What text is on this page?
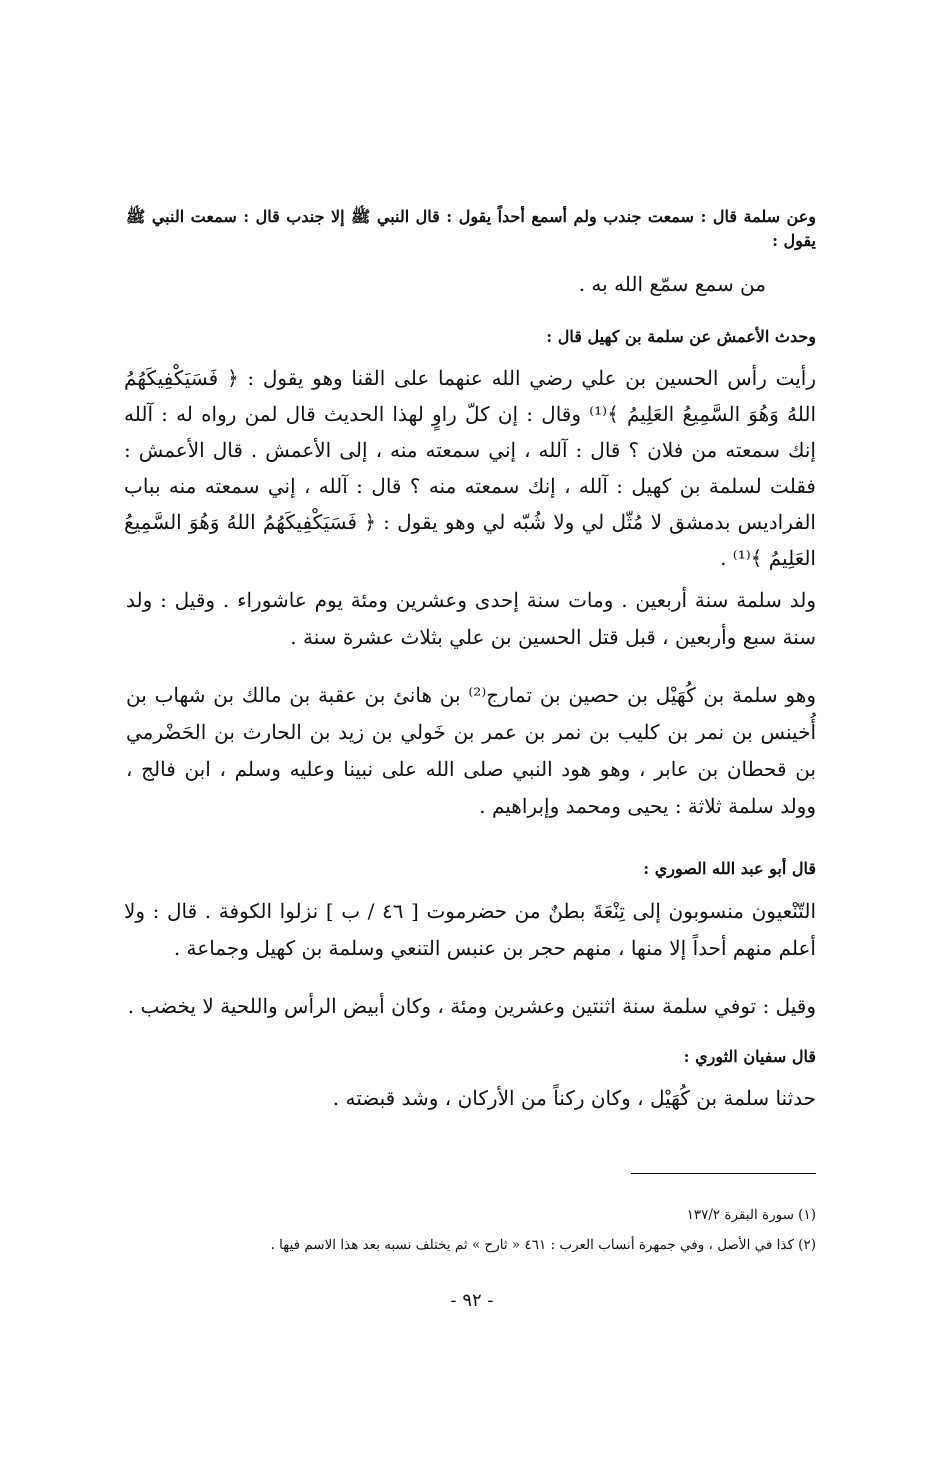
وعن سلمة قال : سمعت جندب ولم أسمع أحداً يقول : قال النبي ﷺ إلا جندب قال : سمعت النبي ﷺ يقول :

من سمع سمّع الله به .

وحدث الأعمش عن سلمة بن كهيل قال :

رأيت رأس الحسين بن علي رضي الله عنهما على القنا وهو يقول : ﴿ فَسَيَكْفِيكَهُمُ اللهُ وَهُوَ السَّمِيعُ العَلِيمُ ﴾⁽¹⁾ وقال : إن كلّ راوٍ لهذا الحديث قال لمن رواه له : آلله إنك سمعته من فلان ؟ قال : آلله ، إني سمعته منه ، إلى الأعمش . قال الأعمش : فقلت لسلمة بن كهيل : آلله ، إنك سمعته منه ؟ قال : آلله ، إني سمعته منه بباب الفراديس بدمشق لا مُثّل لي ولا شُبّه لي وهو يقول : ﴿ فَسَيَكْفِيكَهُمُ اللهُ وَهُوَ السَّمِيعُ العَلِيمُ ﴾⁽¹⁾ .

ولد سلمة سنة أربعين . ومات سنة إحدى وعشرين ومئة يوم عاشوراء . وقيل : ولد سنة سبع وأربعين ، قبل قتل الحسين بن علي بثلاث عشرة سنة .

وهو سلمة بن كُهَيْل بن حصين بن تمارج⁽²⁾ بن هانئ بن عقبة بن مالك بن شهاب بن أُخينس بن نمر بن كليب بن نمر بن عمر بن خَولي بن زيد بن الحارث بن الحَضْرمي بن قحطان بن عابر ، وهو هود النبي صلى الله على نبينا وعليه وسلم ، ابن فالج ، وولد سلمة ثلاثة : يحيى ومحمد وإبراهيم .

قال أبو عبد الله الصوري :

التّنْعيون منسوبون إلى تِنْعَةَ بطنٌ من حضرموت [ ٤٦ / ب ] نزلوا الكوفة . قال : ولا أعلم منهم أحداً إلا منها ، منهم حجر بن عنبس التنعي وسلمة بن كهيل وجماعة .

وقيل : توفي سلمة سنة اثنتين وعشرين ومئة ، وكان أبيض الرأس واللحية لا يخضب .

قال سفيان الثوري :

حدثنا سلمة بن كُهَيْل ، وكان ركناً من الأركان ، وشد قبضته .

(١) سورة البقرة ١٣٧/٢

(٢) كذا في الأصل ، وفي جمهرة أنساب العرب : ٤٦١ « ثارح » ثم يختلف نسبه بعد هذا الاسم فيها .

- ٩٢ -
